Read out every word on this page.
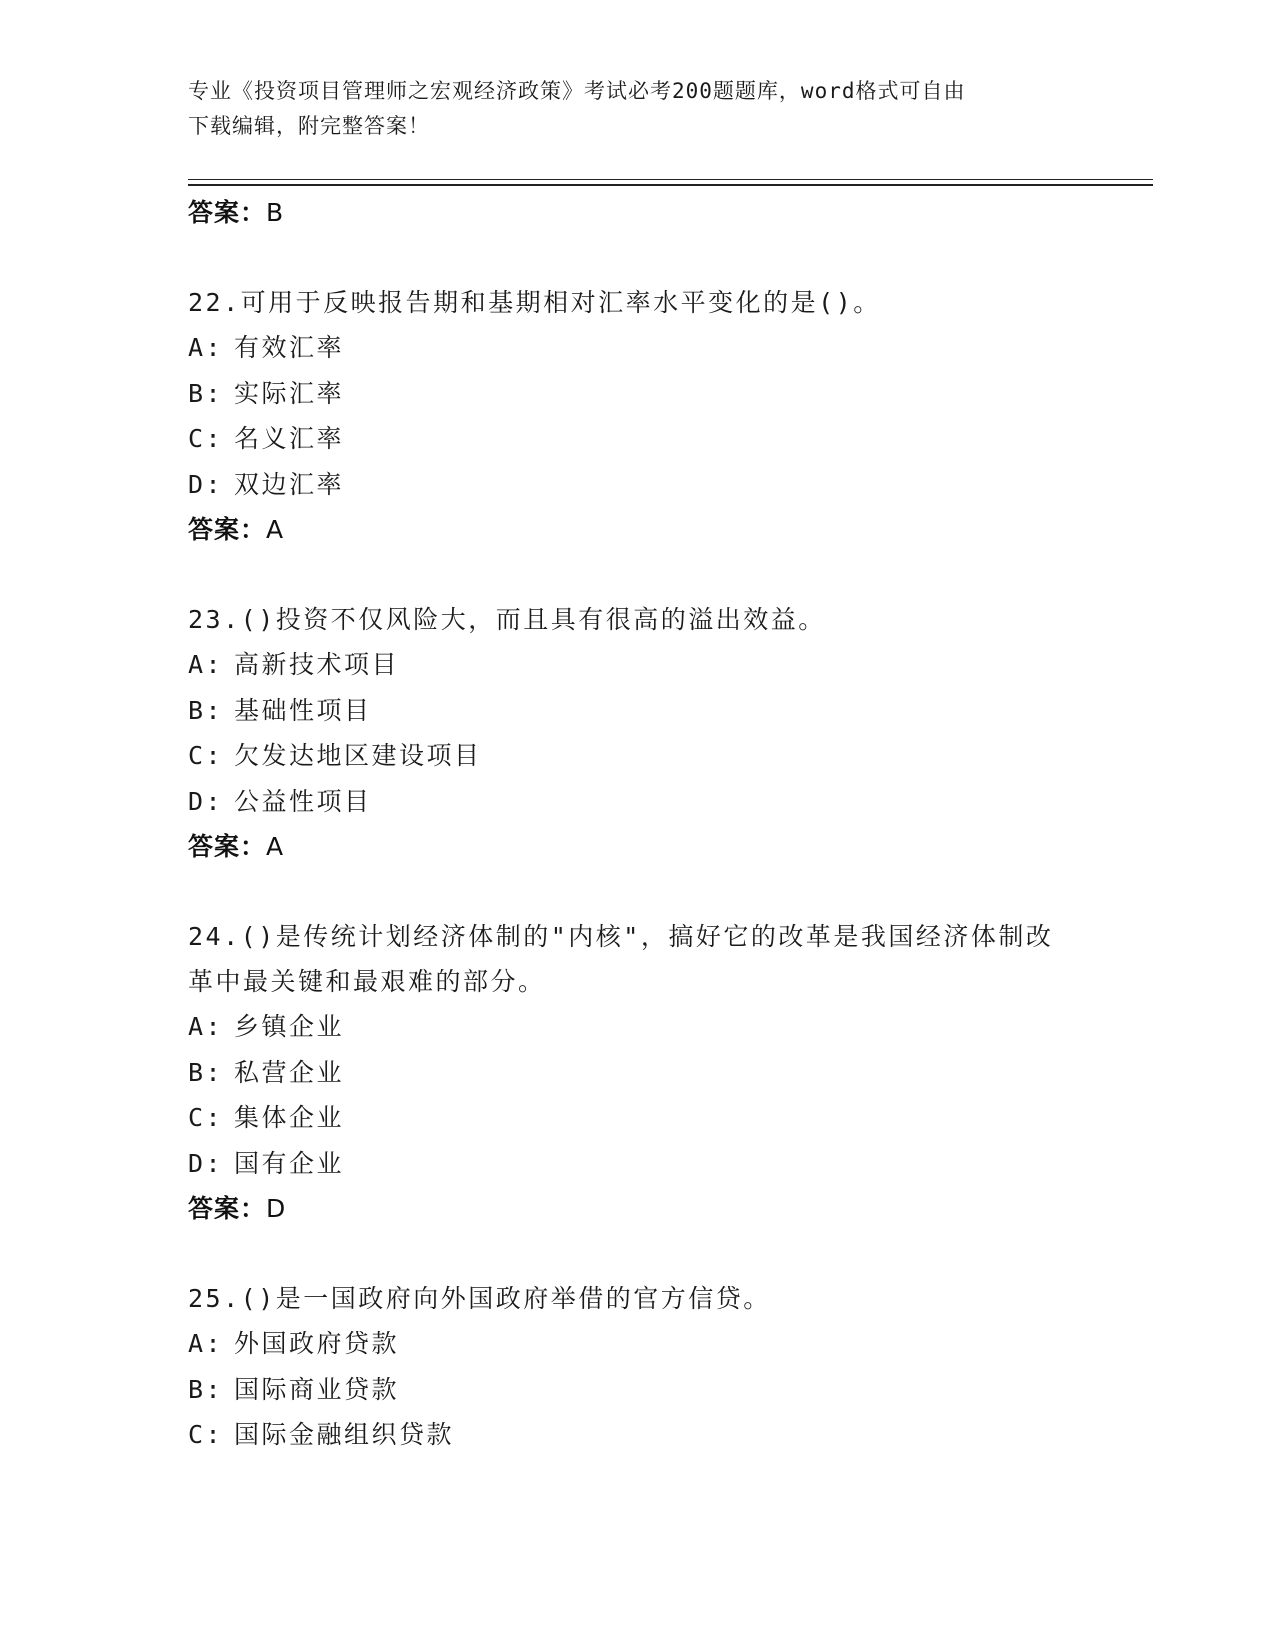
专业《投资项目管理师之宏观经济政策》考试必考200题题库，word格式可自由
下载编辑，附完整答案！
答案：B
22.可用于反映报告期和基期相对汇率水平变化的是()。
A: 有效汇率
B: 实际汇率
C: 名义汇率
D: 双边汇率
答案：A
23.()投资不仅风险大，而且具有很高的溢出效益。
A: 高新技术项目
B: 基础性项目
C: 欠发达地区建设项目
D: 公益性项目
答案：A
24.()是传统计划经济体制的"内核"，搞好它的改革是我国经济体制改
革中最关键和最艰难的部分。
A: 乡镇企业
B: 私营企业
C: 集体企业
D: 国有企业
答案：D
25.()是一国政府向外国政府举借的官方信贷。
A: 外国政府贷款
B: 国际商业贷款
C: 国际金融组织贷款
